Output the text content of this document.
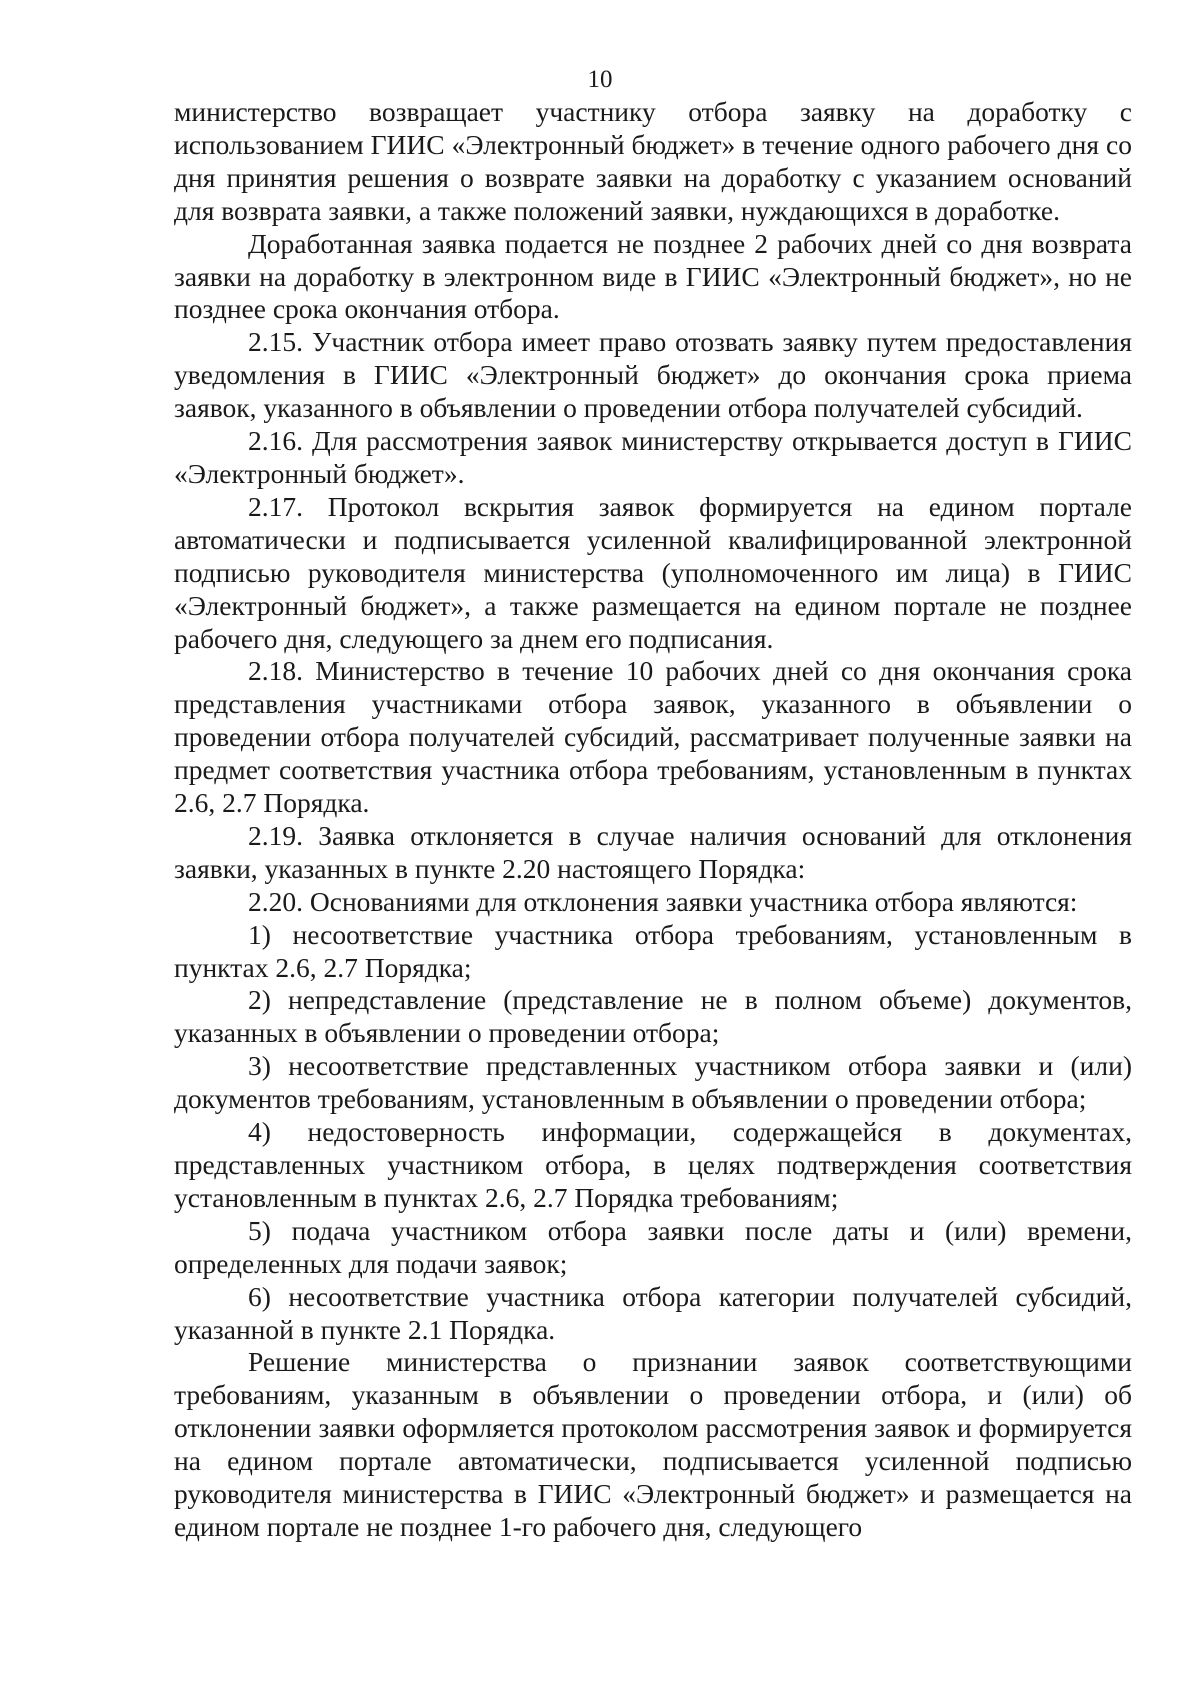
10

министерство возвращает участнику отбора заявку на доработку с использованием ГИИС «Электронный бюджет» в течение одного рабочего дня со дня принятия решения о возврате заявки на доработку с указанием оснований для возврата заявки, а также положений заявки, нуждающихся в доработке.

Доработанная заявка подается не позднее 2 рабочих дней со дня возврата заявки на доработку в электронном виде в ГИИС «Электронный бюджет», но не позднее срока окончания отбора.

2.15. Участник отбора имеет право отозвать заявку путем предоставления уведомления в ГИИС «Электронный бюджет» до окончания срока приема заявок, указанного в объявлении о проведении отбора получателей субсидий.

2.16. Для рассмотрения заявок министерству открывается доступ в ГИИС «Электронный бюджет».

2.17. Протокол вскрытия заявок формируется на едином портале автоматически и подписывается усиленной квалифицированной электронной подписью руководителя министерства (уполномоченного им лица) в ГИИС «Электронный бюджет», а также размещается на едином портале не позднее рабочего дня, следующего за днем его подписания.

2.18. Министерство в течение 10 рабочих дней со дня окончания срока представления участниками отбора заявок, указанного в объявлении о проведении отбора получателей субсидий, рассматривает полученные заявки на предмет соответствия участника отбора требованиям, установленным в пунктах 2.6, 2.7 Порядка.

2.19. Заявка отклоняется в случае наличия оснований для отклонения заявки, указанных в пункте 2.20 настоящего Порядка:

2.20. Основаниями для отклонения заявки участника отбора являются:

1) несоответствие участника отбора требованиям, установленным в пунктах 2.6, 2.7 Порядка;

2) непредставление (представление не в полном объеме) документов, указанных в объявлении о проведении отбора;

3) несоответствие представленных участником отбора заявки и (или) документов требованиям, установленным в объявлении о проведении отбора;

4) недостоверность информации, содержащейся в документах, представленных участником отбора, в целях подтверждения соответствия установленным в пунктах 2.6, 2.7 Порядка требованиям;

5) подача участником отбора заявки после даты и (или) времени, определенных для подачи заявок;

6) несоответствие участника отбора категории получателей субсидий, указанной в пункте 2.1 Порядка.

Решение министерства о признании заявок соответствующими требованиям, указанным в объявлении о проведении отбора, и (или) об отклонении заявки оформляется протоколом рассмотрения заявок и формируется на едином портале автоматически, подписывается усиленной подписью руководителя министерства в ГИИС «Электронный бюджет» и размещается на едином портале не позднее 1-го рабочего дня, следующего
